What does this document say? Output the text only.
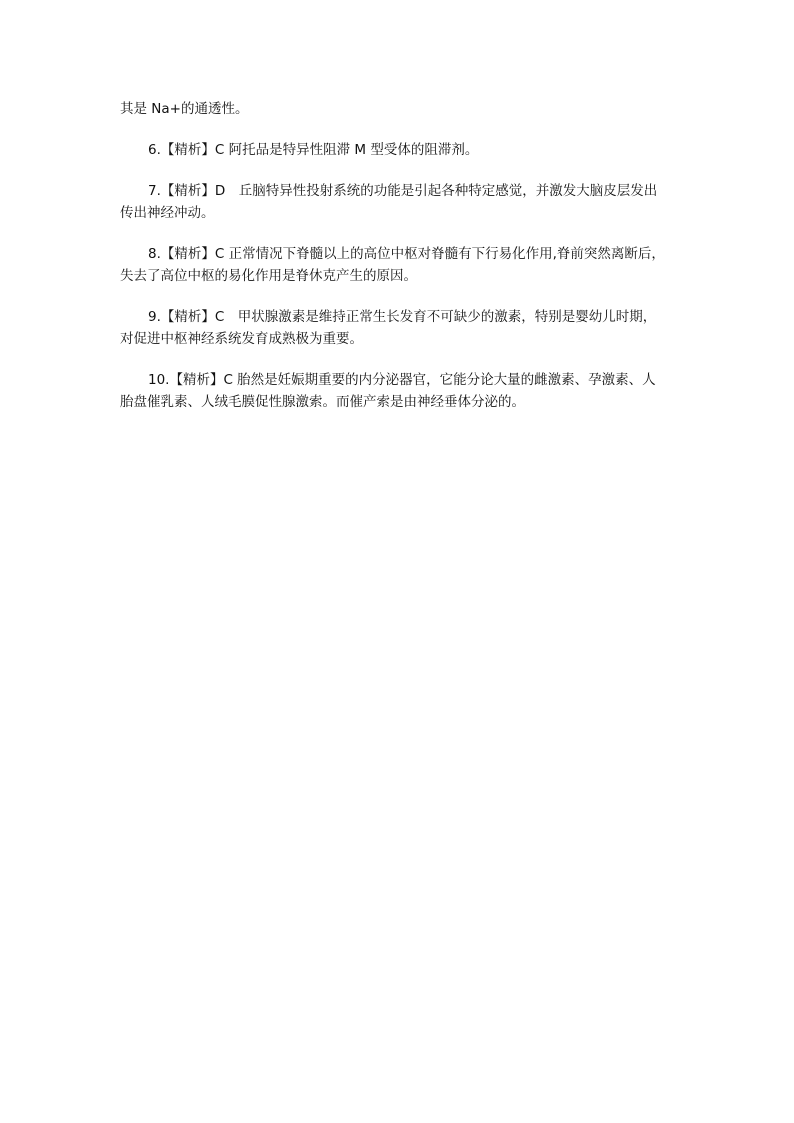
其是 Na+的通透性。

6.【精析】C 阿托品是特异性阻滞 M 型受体的阻滞剂。

7.【精析】D　丘脑特异性投射系统的功能是引起各种特定感觉，并激发大脑皮层发出
传出神经冲动。

8.【精析】C 正常情况下脊髓以上的高位中枢对脊髓有下行易化作用,脊前突然离断后，
失去了高位中枢的易化作用是脊休克产生的原因。

9.【精析】C　甲状腺激素是维持正常生长发育不可缺少的激素，特别是婴幼儿时期，
对促进中枢神经系统发育成熟极为重要。

10.【精析】C 胎然是妊娠期重要的内分泌器官，它能分论大量的雌激素、孕激素、人
胎盘催乳素、人绒毛膜促性腺激索。而催产索是由神经垂体分泌的。
